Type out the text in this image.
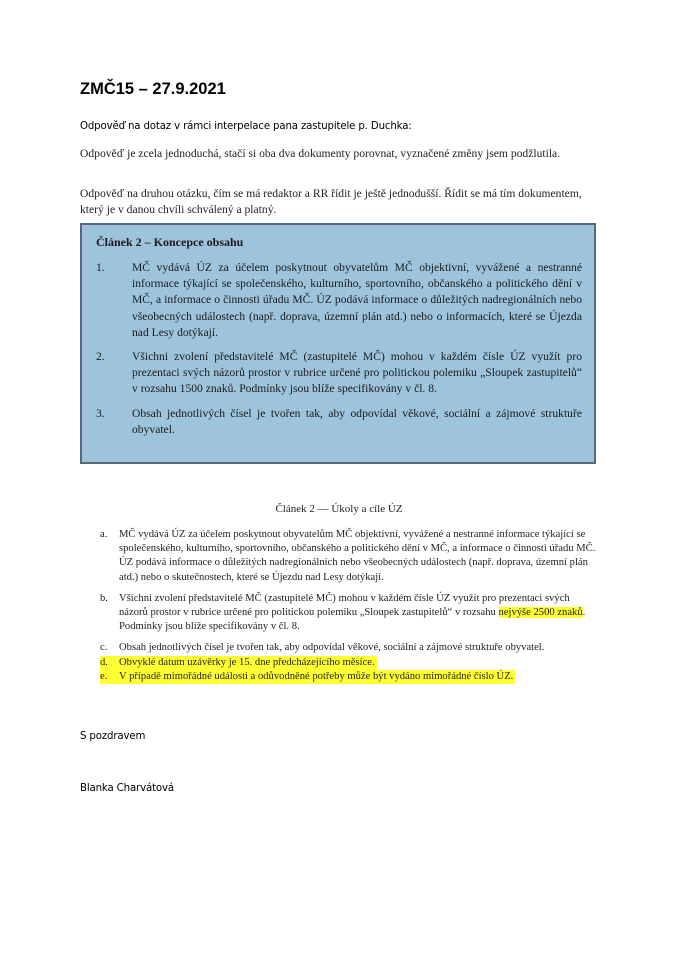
ZMČ15 – 27.9.2021

Odpověď na dotaz v rámci interpelace pana zastupitele p. Duchka:

Odpověď je zcela jednoduchá, stačí si oba dva dokumenty porovnat, vyznačené změny jsem podžlutila.

Odpověď na druhou otázku, čím se má redaktor a RR řídit je ještě jednodušší. Řídit se má tím dokumentem, který je v danou chvíli schválený a platný.

Článek 2 – Koncepce obsahu

1. MČ vydává ÚZ za účelem poskytnout obyvatelům MČ objektivní, vyvážené a nestranné informace týkající se společenského, kulturního, sportovního, občanského a politického dění v MČ, a informace o činnosti úřadu MČ. ÚZ podává informace o důležitých nadregionálních nebo všeobecných událostech (např. doprava, územní plán atd.) nebo o informacích, které se Újezda nad Lesy dotýkají.
2. Všichni zvolení představitelé MČ (zastupitelé MČ) mohou v každém čísle ÚZ využít pro prezentaci svých názorů prostor v rubrice určené pro politickou polemiku „Sloupek zastupitelů“ v rozsahu 1500 znaků. Podmínky jsou blíže specifikovány v čl. 8.
3. Obsah jednotlivých čísel je tvořen tak, aby odpovídal věkové, sociální a zájmové struktuře obyvatel.

Článek 2 — Úkoly a cíle ÚZ

a. MČ vydává ÚZ za účelem poskytnout obyvatelům MČ objektivní, vyvážené a nestranné informace týkající se společenského, kulturního, sportovního, občanského a politického dění v MČ, a informace o činnosti úřadu MČ. ÚZ podává informace o důležitých nadregionálních nebo všeobecných událostech (např. doprava, územní plán atd.) nebo o skutečnostech, které se Újezdu nad Lesy dotýkají.
b. Všichni zvolení představitelé MČ (zastupitelé MČ) mohou v každém čísle ÚZ využít pro prezentaci svých názorů prostor v rubrice určené pro politickou polemiku „Sloupek zastupitelů“ v rozsahu nejvýše 2500 znaků. Podmínky jsou blíže specifikovány v čl. 8.
c. Obsah jednotlivých čísel je tvořen tak, aby odpovídal věkové, sociální a zájmové struktuře obyvatel.
d. Obvyklé datum uzávěrky je 15. dne předcházejícího měsíce.
e. V případě mimořádné události a odůvodněné potřeby může být vydáno mimořádné číslo ÚZ.

S pozdravem

Blanka Charvátová
